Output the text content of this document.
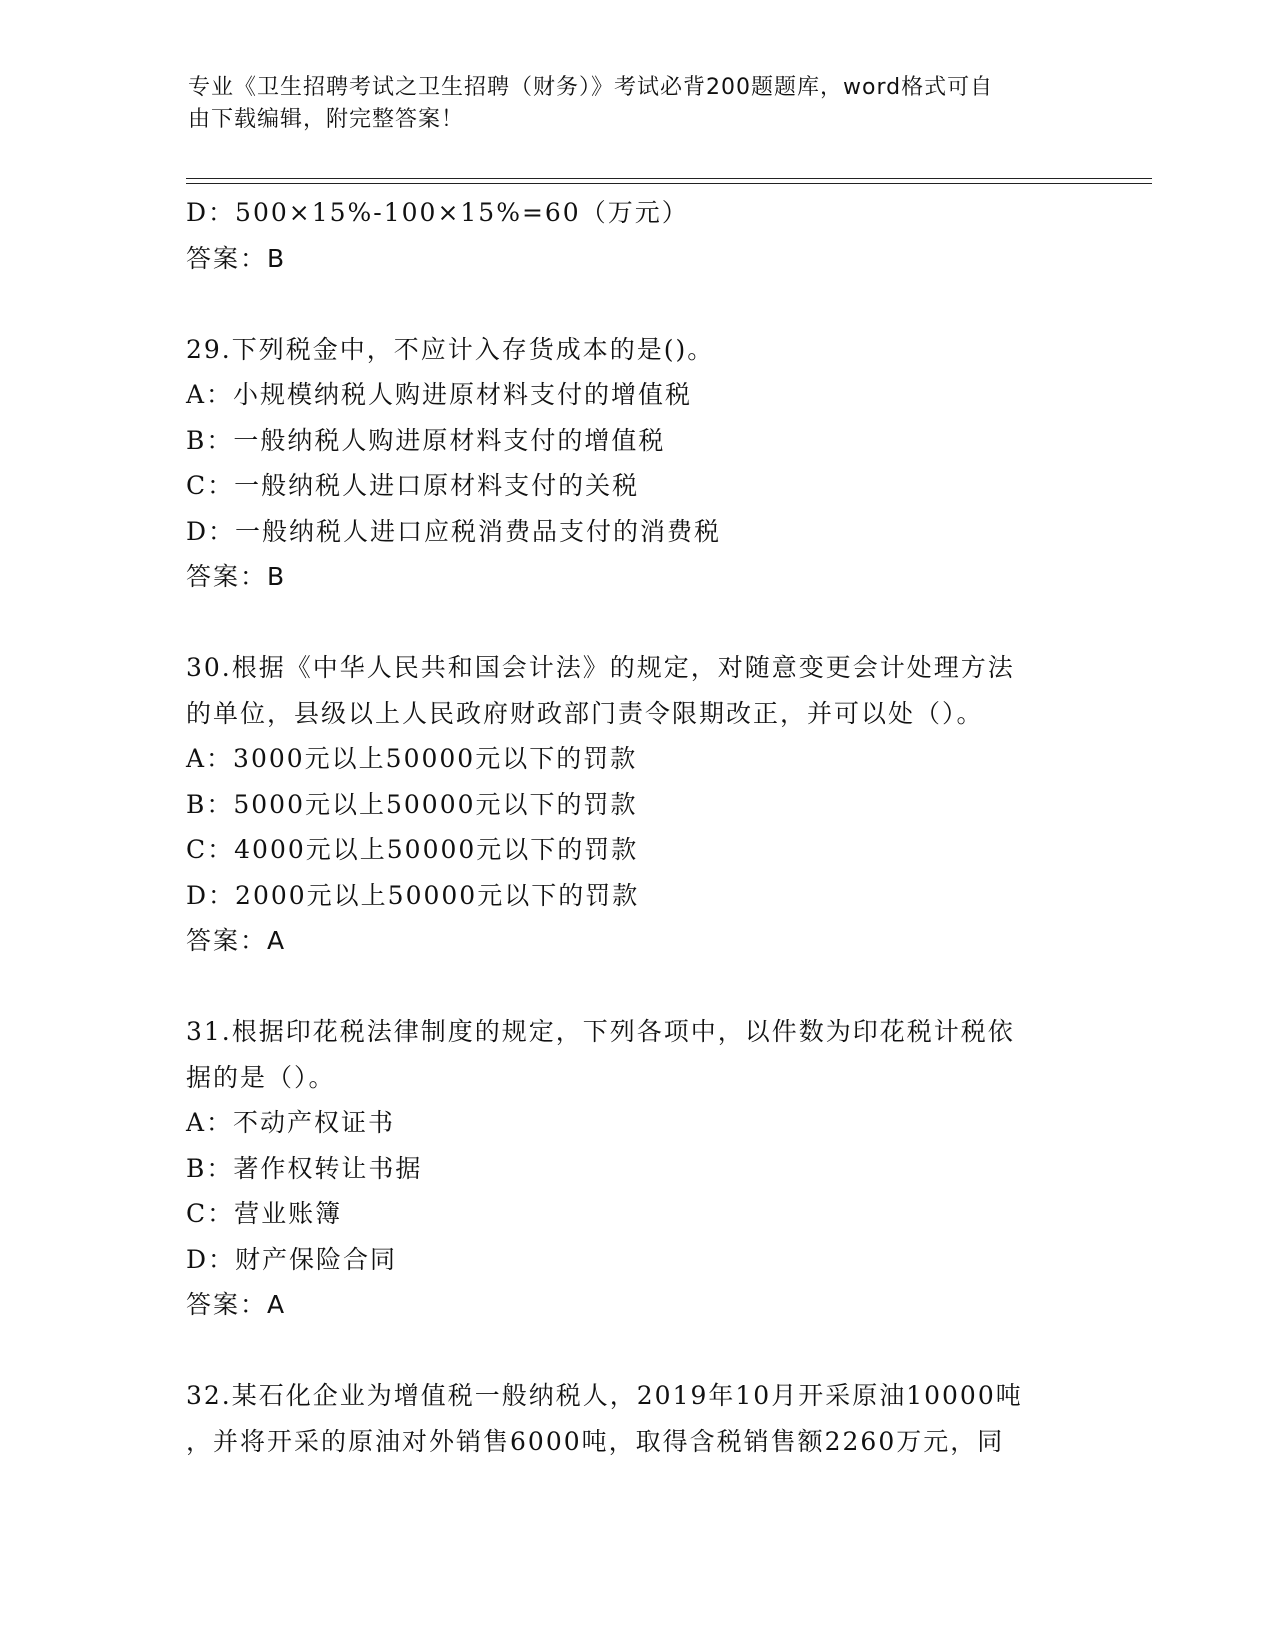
专业《卫生招聘考试之卫生招聘（财务）》考试必背200题题库，word格式可自
由下载编辑，附完整答案！
D：500×15%-100×15%=60（万元）
答案：B
29.下列税金中，不应计入存货成本的是()。
A：小规模纳税人购进原材料支付的增值税
B：一般纳税人购进原材料支付的增值税
C：一般纳税人进口原材料支付的关税
D：一般纳税人进口应税消费品支付的消费税
答案：B
30.根据《中华人民共和国会计法》的规定，对随意变更会计处理方法
的单位，县级以上人民政府财政部门责令限期改正，并可以处（）。
A：3000元以上50000元以下的罚款
B：5000元以上50000元以下的罚款
C：4000元以上50000元以下的罚款
D：2000元以上50000元以下的罚款
答案：A
31.根据印花税法律制度的规定，下列各项中，以件数为印花税计税依
据的是（）。
A：不动产权证书
B：著作权转让书据
C：营业账簿
D：财产保险合同
答案：A
32.某石化企业为增值税一般纳税人，2019年10月开采原油10000吨
，并将开采的原油对外销售6000吨，取得含税销售额2260万元，同
